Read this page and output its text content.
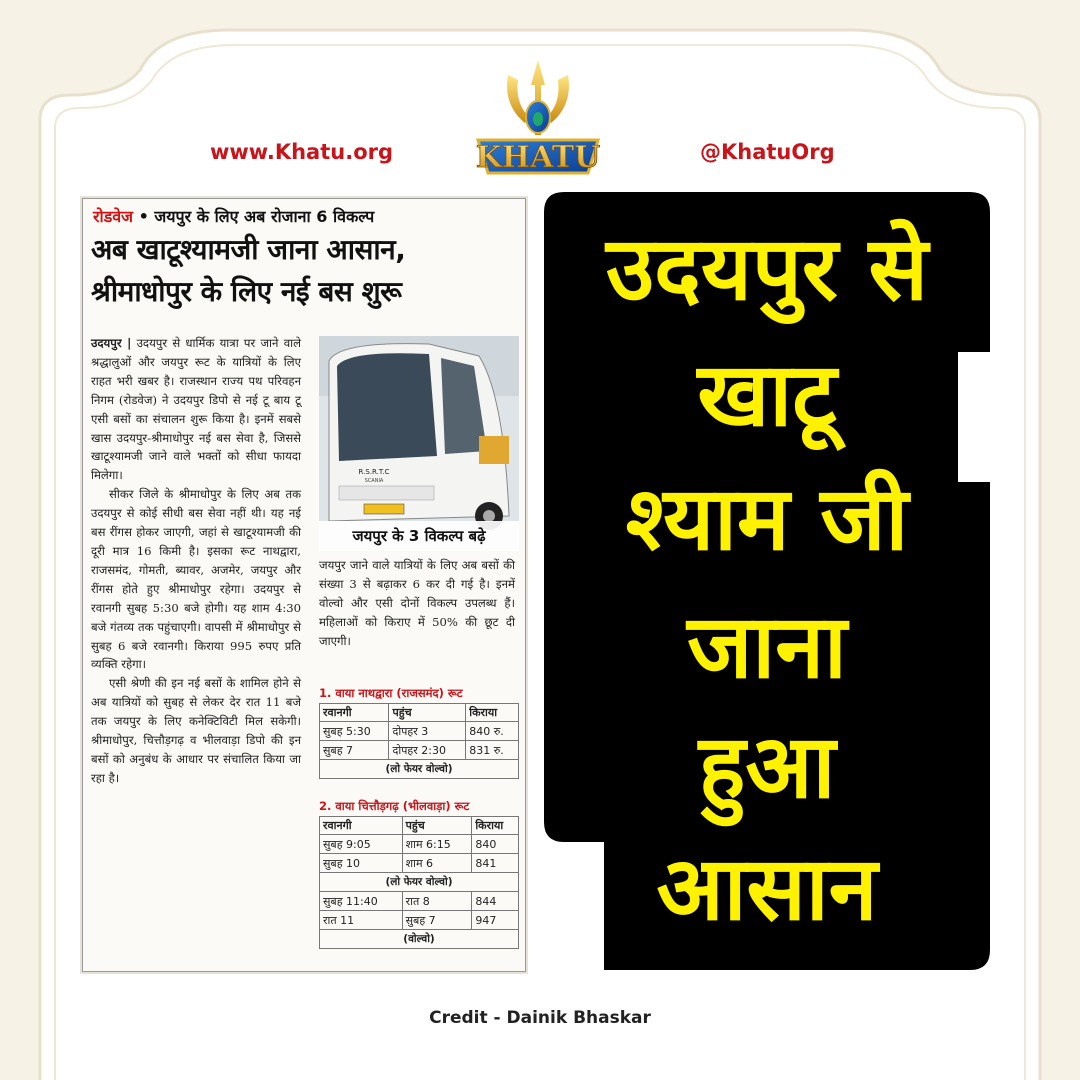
www.Khatu.org	@KhatuOrg
KHATU
रोडवेज • जयपुर के लिए अब रोजाना 6 विकल्प
अब खाटूश्यामजी जाना आसान,
श्रीमाधोपुर के लिए नई बस शुरू
उदयपुर | उदयपुर से धार्मिक यात्रा पर जाने वाले श्रद्धालुओं और जयपुर रूट के यात्रियों के लिए राहत भरी खबर है। राजस्थान राज्य पथ परिवहन निगम (रोडवेज) ने उदयपुर डिपो से नई टू बाय टू एसी बसों का संचालन शुरू किया है। इनमें सबसे खास उदयपुर-श्रीमाधोपुर नई बस सेवा है, जिससे खाटूश्यामजी जाने वाले भक्तों को सीधा फायदा मिलेगा।
सीकर जिले के श्रीमाधोपुर के लिए अब तक उदयपुर से कोई सीधी बस सेवा नहीं थी। यह नई बस रींगस होकर जाएगी, जहां से खाटूश्यामजी की दूरी मात्र 16 किमी है। इसका रूट नाथद्वारा, राजसमंद, गोमती, ब्यावर, अजमेर, जयपुर और रींगस होते हुए श्रीमाधोपुर रहेगा। उदयपुर से रवानगी सुबह 5:30 बजे होगी। यह शाम 4:30 बजे गंतव्य तक पहुंचाएगी। वापसी में श्रीमाधोपुर से सुबह 6 बजे रवानगी। किराया 995 रुपए प्रति व्यक्ति रहेगा।
एसी श्रेणी की इन नई बसों के शामिल होने से अब यात्रियों को सुबह से लेकर देर रात 11 बजे तक जयपुर के लिए कनेक्टिविटी मिल सकेगी। श्रीमाधोपुर, चित्तौड़गढ़ व भीलवाड़ा डिपो की इन बसों को अनुबंध के आधार पर संचालित किया जा रहा है।
R.S.R.T.C
SCANIA
जयपुर के 3 विकल्प बढ़े
जयपुर जाने वाले यात्रियों के लिए अब बसों की संख्या 3 से बढ़ाकर 6 कर दी गई है। इनमें वोल्वो और एसी दोनों विकल्प उपलब्ध हैं। महिलाओं को किराए में 50% की छूट दी जाएगी।
1. वाया नाथद्वारा (राजसमंद) रूट
रवानगी	पहुंच	किराया
सुबह 5:30	दोपहर 3	840 रु.
सुबह 7	दोपहर 2:30	831 रु.
(लो फेयर वोल्वो)		
2. वाया चित्तौड़गढ़ (भीलवाड़ा) रूट
रवानगी	पहुंच	किराया
सुबह 9:05	शाम 6:15	840
सुबह 10	शाम 6	841
(लो फेयर वोल्वो)		
सुबह 11:40	रात 8	844
रात 11	सुबह 7	947
(वोल्वो)		
उदयपुर से
खाटू
श्याम जी
जाना
हुआ
आसान
Credit - Dainik Bhaskar
